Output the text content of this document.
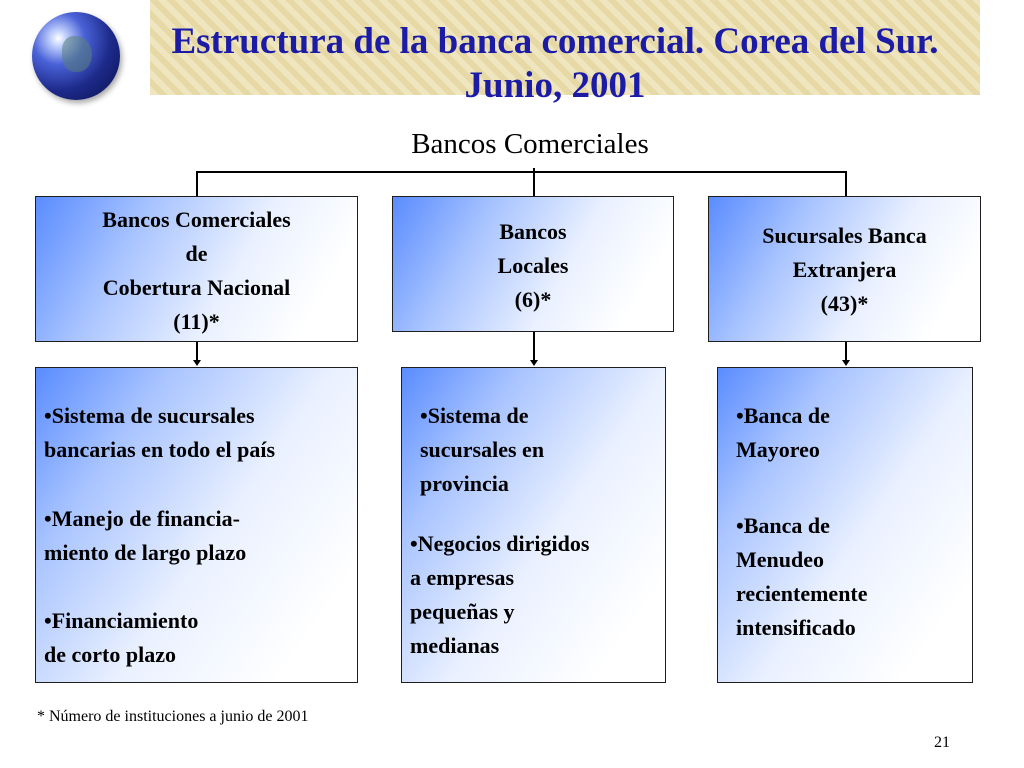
Estructura de la banca comercial. Corea del Sur. Junio, 2001
Bancos Comerciales
Bancos Comerciales
de
Cobertura Nacional
(11)*
Bancos
Locales
(6)*
Sucursales Banca
Extranjera
(43)*
•Sistema de sucursales
bancarias en todo el país
•Manejo de financia-
miento de largo plazo
•Financiamiento
de corto plazo
•Sistema de
sucursales en
provincia
•Negocios dirigidos
a empresas
pequeñas y
medianas
•Banca de
Mayoreo
•Banca de
Menudeo
recientemente
intensificado
* Número de instituciones a junio de 2001
21
